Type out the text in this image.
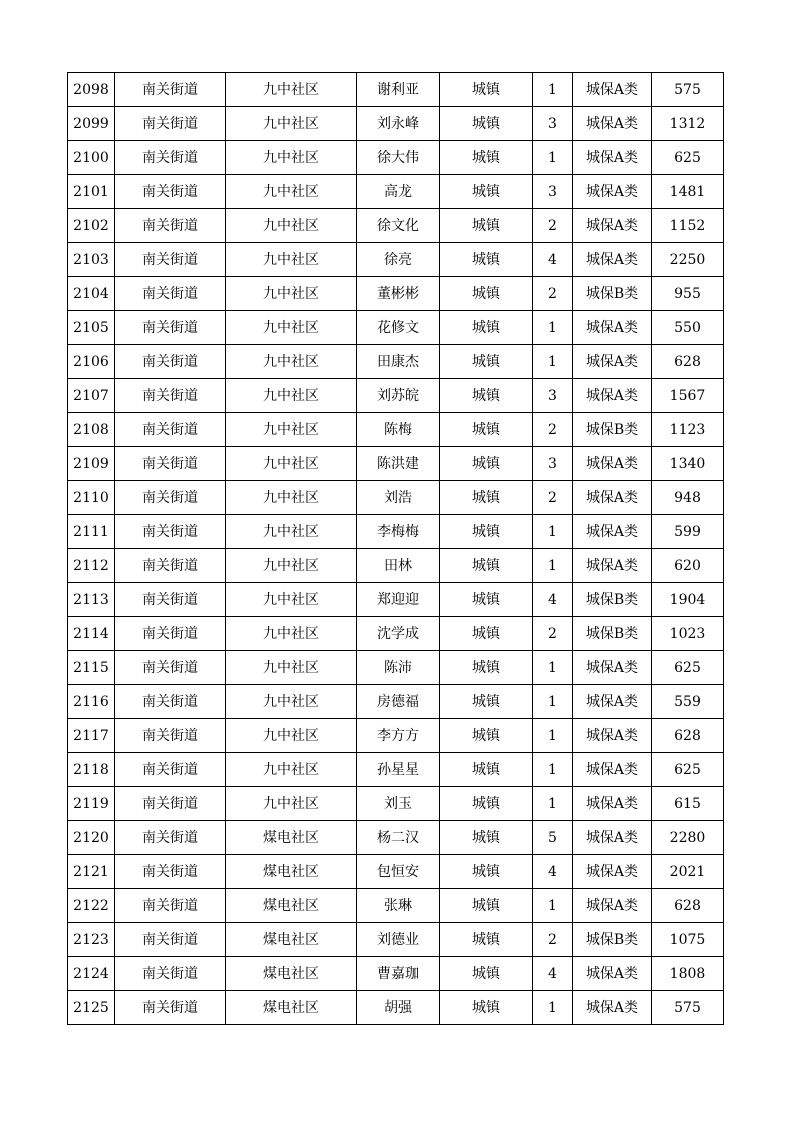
2098	南关街道	九中社区	谢利亚	城镇	1	城保A类	575
2099	南关街道	九中社区	刘永峰	城镇	3	城保A类	1312
2100	南关街道	九中社区	徐大伟	城镇	1	城保A类	625
2101	南关街道	九中社区	高龙	城镇	3	城保A类	1481
2102	南关街道	九中社区	徐文化	城镇	2	城保A类	1152
2103	南关街道	九中社区	徐亮	城镇	4	城保A类	2250
2104	南关街道	九中社区	董彬彬	城镇	2	城保B类	955
2105	南关街道	九中社区	花修文	城镇	1	城保A类	550
2106	南关街道	九中社区	田康杰	城镇	1	城保A类	628
2107	南关街道	九中社区	刘苏皖	城镇	3	城保A类	1567
2108	南关街道	九中社区	陈梅	城镇	2	城保B类	1123
2109	南关街道	九中社区	陈洪建	城镇	3	城保A类	1340
2110	南关街道	九中社区	刘浩	城镇	2	城保A类	948
2111	南关街道	九中社区	李梅梅	城镇	1	城保A类	599
2112	南关街道	九中社区	田林	城镇	1	城保A类	620
2113	南关街道	九中社区	郑迎迎	城镇	4	城保B类	1904
2114	南关街道	九中社区	沈学成	城镇	2	城保B类	1023
2115	南关街道	九中社区	陈沛	城镇	1	城保A类	625
2116	南关街道	九中社区	房德福	城镇	1	城保A类	559
2117	南关街道	九中社区	李方方	城镇	1	城保A类	628
2118	南关街道	九中社区	孙星星	城镇	1	城保A类	625
2119	南关街道	九中社区	刘玉	城镇	1	城保A类	615
2120	南关街道	煤电社区	杨二汉	城镇	5	城保A类	2280
2121	南关街道	煤电社区	包恒安	城镇	4	城保A类	2021
2122	南关街道	煤电社区	张琳	城镇	1	城保A类	628
2123	南关街道	煤电社区	刘德业	城镇	2	城保B类	1075
2124	南关街道	煤电社区	曹嘉珈	城镇	4	城保A类	1808
2125	南关街道	煤电社区	胡强	城镇	1	城保A类	575
